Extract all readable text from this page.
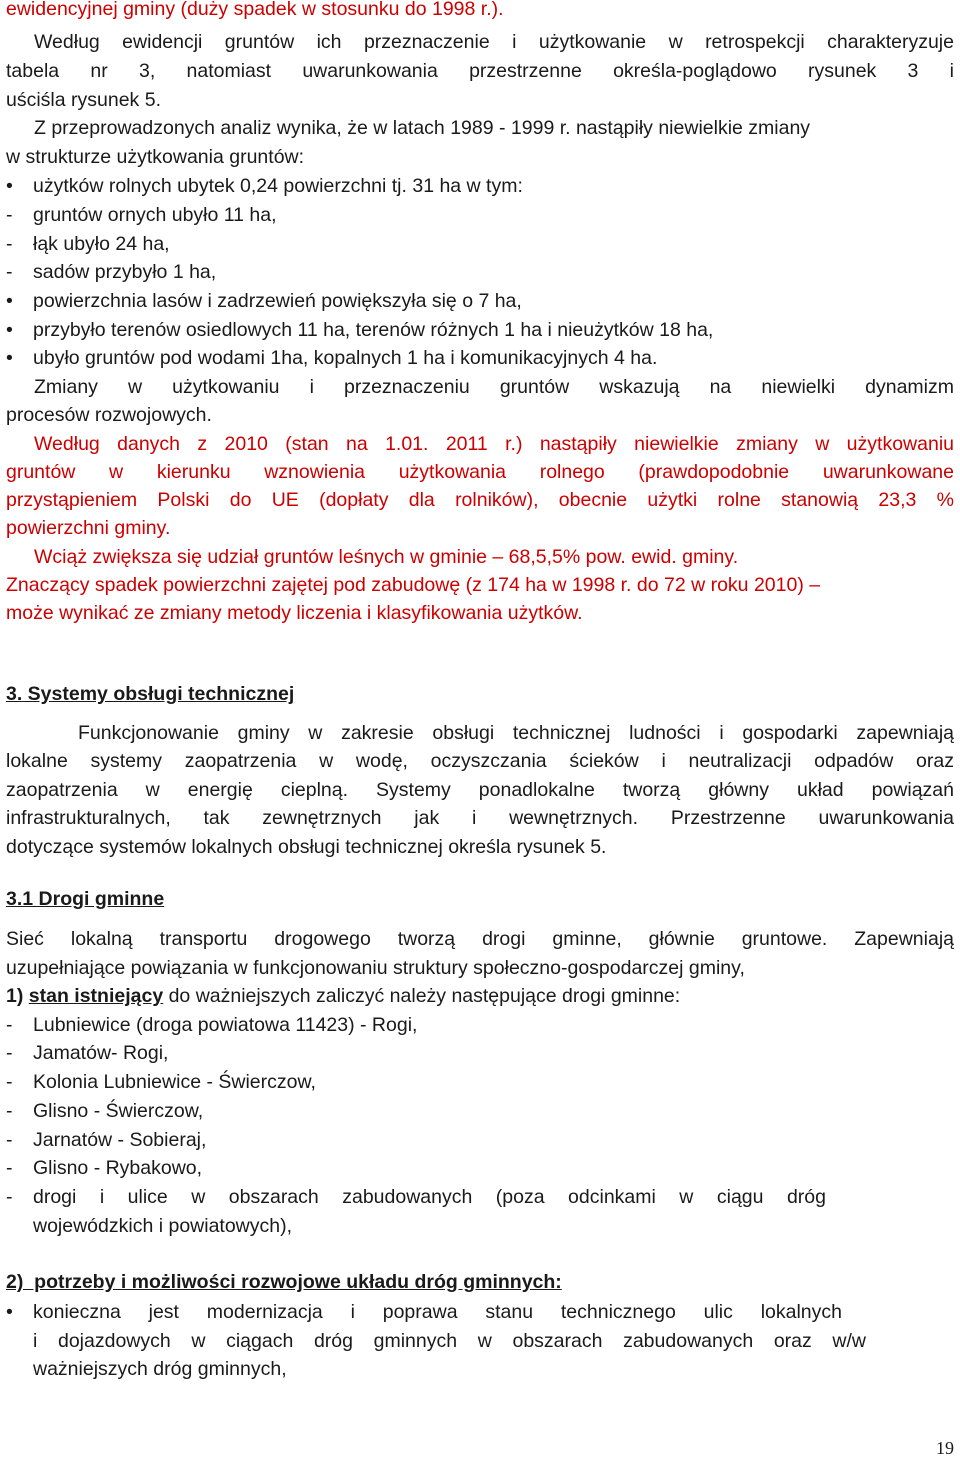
ewidencyjnej gminy (duży spadek w stosunku do 1998 r.).
Według ewidencji gruntów ich przeznaczenie i użytkowanie w retrospekcji charakteryzuje
tabela nr 3, natomiast uwarunkowania przestrzenne określa-poglądowo rysunek 3 i
uściśla rysunek 5.
Z przeprowadzonych analiz wynika, że w latach 1989 - 1999 r. nastąpiły niewielkie zmiany
w strukturze użytkowania gruntów:
• użytków rolnych ubytek 0,24 powierzchni tj. 31 ha w tym:
- gruntów ornych ubyło 11 ha,
- łąk ubyło 24 ha,
- sadów przybyło 1 ha,
• powierzchnia lasów i zadrzewień powiększyła się o 7 ha,
• przybyło terenów osiedlowych 11 ha, terenów różnych 1 ha i nieużytków 18 ha,
• ubyło gruntów pod wodami 1ha, kopalnych 1 ha i komunikacyjnych 4 ha.
Zmiany w użytkowaniu i przeznaczeniu gruntów wskazują na niewielki dynamizm
procesów rozwojowych.
Według danych z 2010 (stan na 1.01. 2011 r.) nastąpiły niewielkie zmiany w użytkowaniu
gruntów w kierunku wznowienia użytkowania rolnego (prawdopodobnie uwarunkowane
przystąpieniem Polski do UE (dopłaty dla rolników), obecnie użytki rolne stanowią 23,3 %
powierzchni gminy.
Wciąż zwiększa się udział gruntów leśnych w gminie – 68,5,5% pow. ewid. gminy.
Znaczący spadek powierzchni zajętej pod zabudowę (z 174 ha w 1998 r. do 72 w roku 2010) –
może wynikać ze zmiany metody liczenia i klasyfikowania użytków.
3. Systemy obsługi technicznej
Funkcjonowanie gminy w zakresie obsługi technicznej ludności i gospodarki zapewniają
lokalne systemy zaopatrzenia w wodę, oczyszczania ścieków i neutralizacji odpadów oraz
zaopatrzenia w energię cieplną. Systemy ponadlokalne tworzą główny układ powiązań
infrastrukturalnych, tak zewnętrznych jak i wewnętrznych. Przestrzenne uwarunkowania
dotyczące systemów lokalnych obsługi technicznej określa rysunek 5.
3.1 Drogi gminne
Sieć lokalną transportu drogowego tworzą drogi gminne, głównie gruntowe. Zapewniają
uzupełniające powiązania w funkcjonowaniu struktury społeczno-gospodarczej gminy,
1) stan istniejący do ważniejszych zaliczyć należy następujące drogi gminne:
- Lubniewice (droga powiatowa 11423) - Rogi,
- Jamatów- Rogi,
- Kolonia Lubniewice - Świerczow,
- Glisno - Świerczow,
- Jarnatów - Sobieraj,
- Glisno - Rybakowo,
- drogi i ulice w obszarach zabudowanych (poza odcinkami w ciągu dróg
wojewódzkich i powiatowych),
2)  potrzeby i możliwości rozwojowe układu dróg gminnych:
• konieczna jest modernizacja i poprawa stanu technicznego ulic lokalnych
i dojazdowych w ciągach dróg gminnych w obszarach zabudowanych oraz w/w
ważniejszych dróg gminnych,
19
